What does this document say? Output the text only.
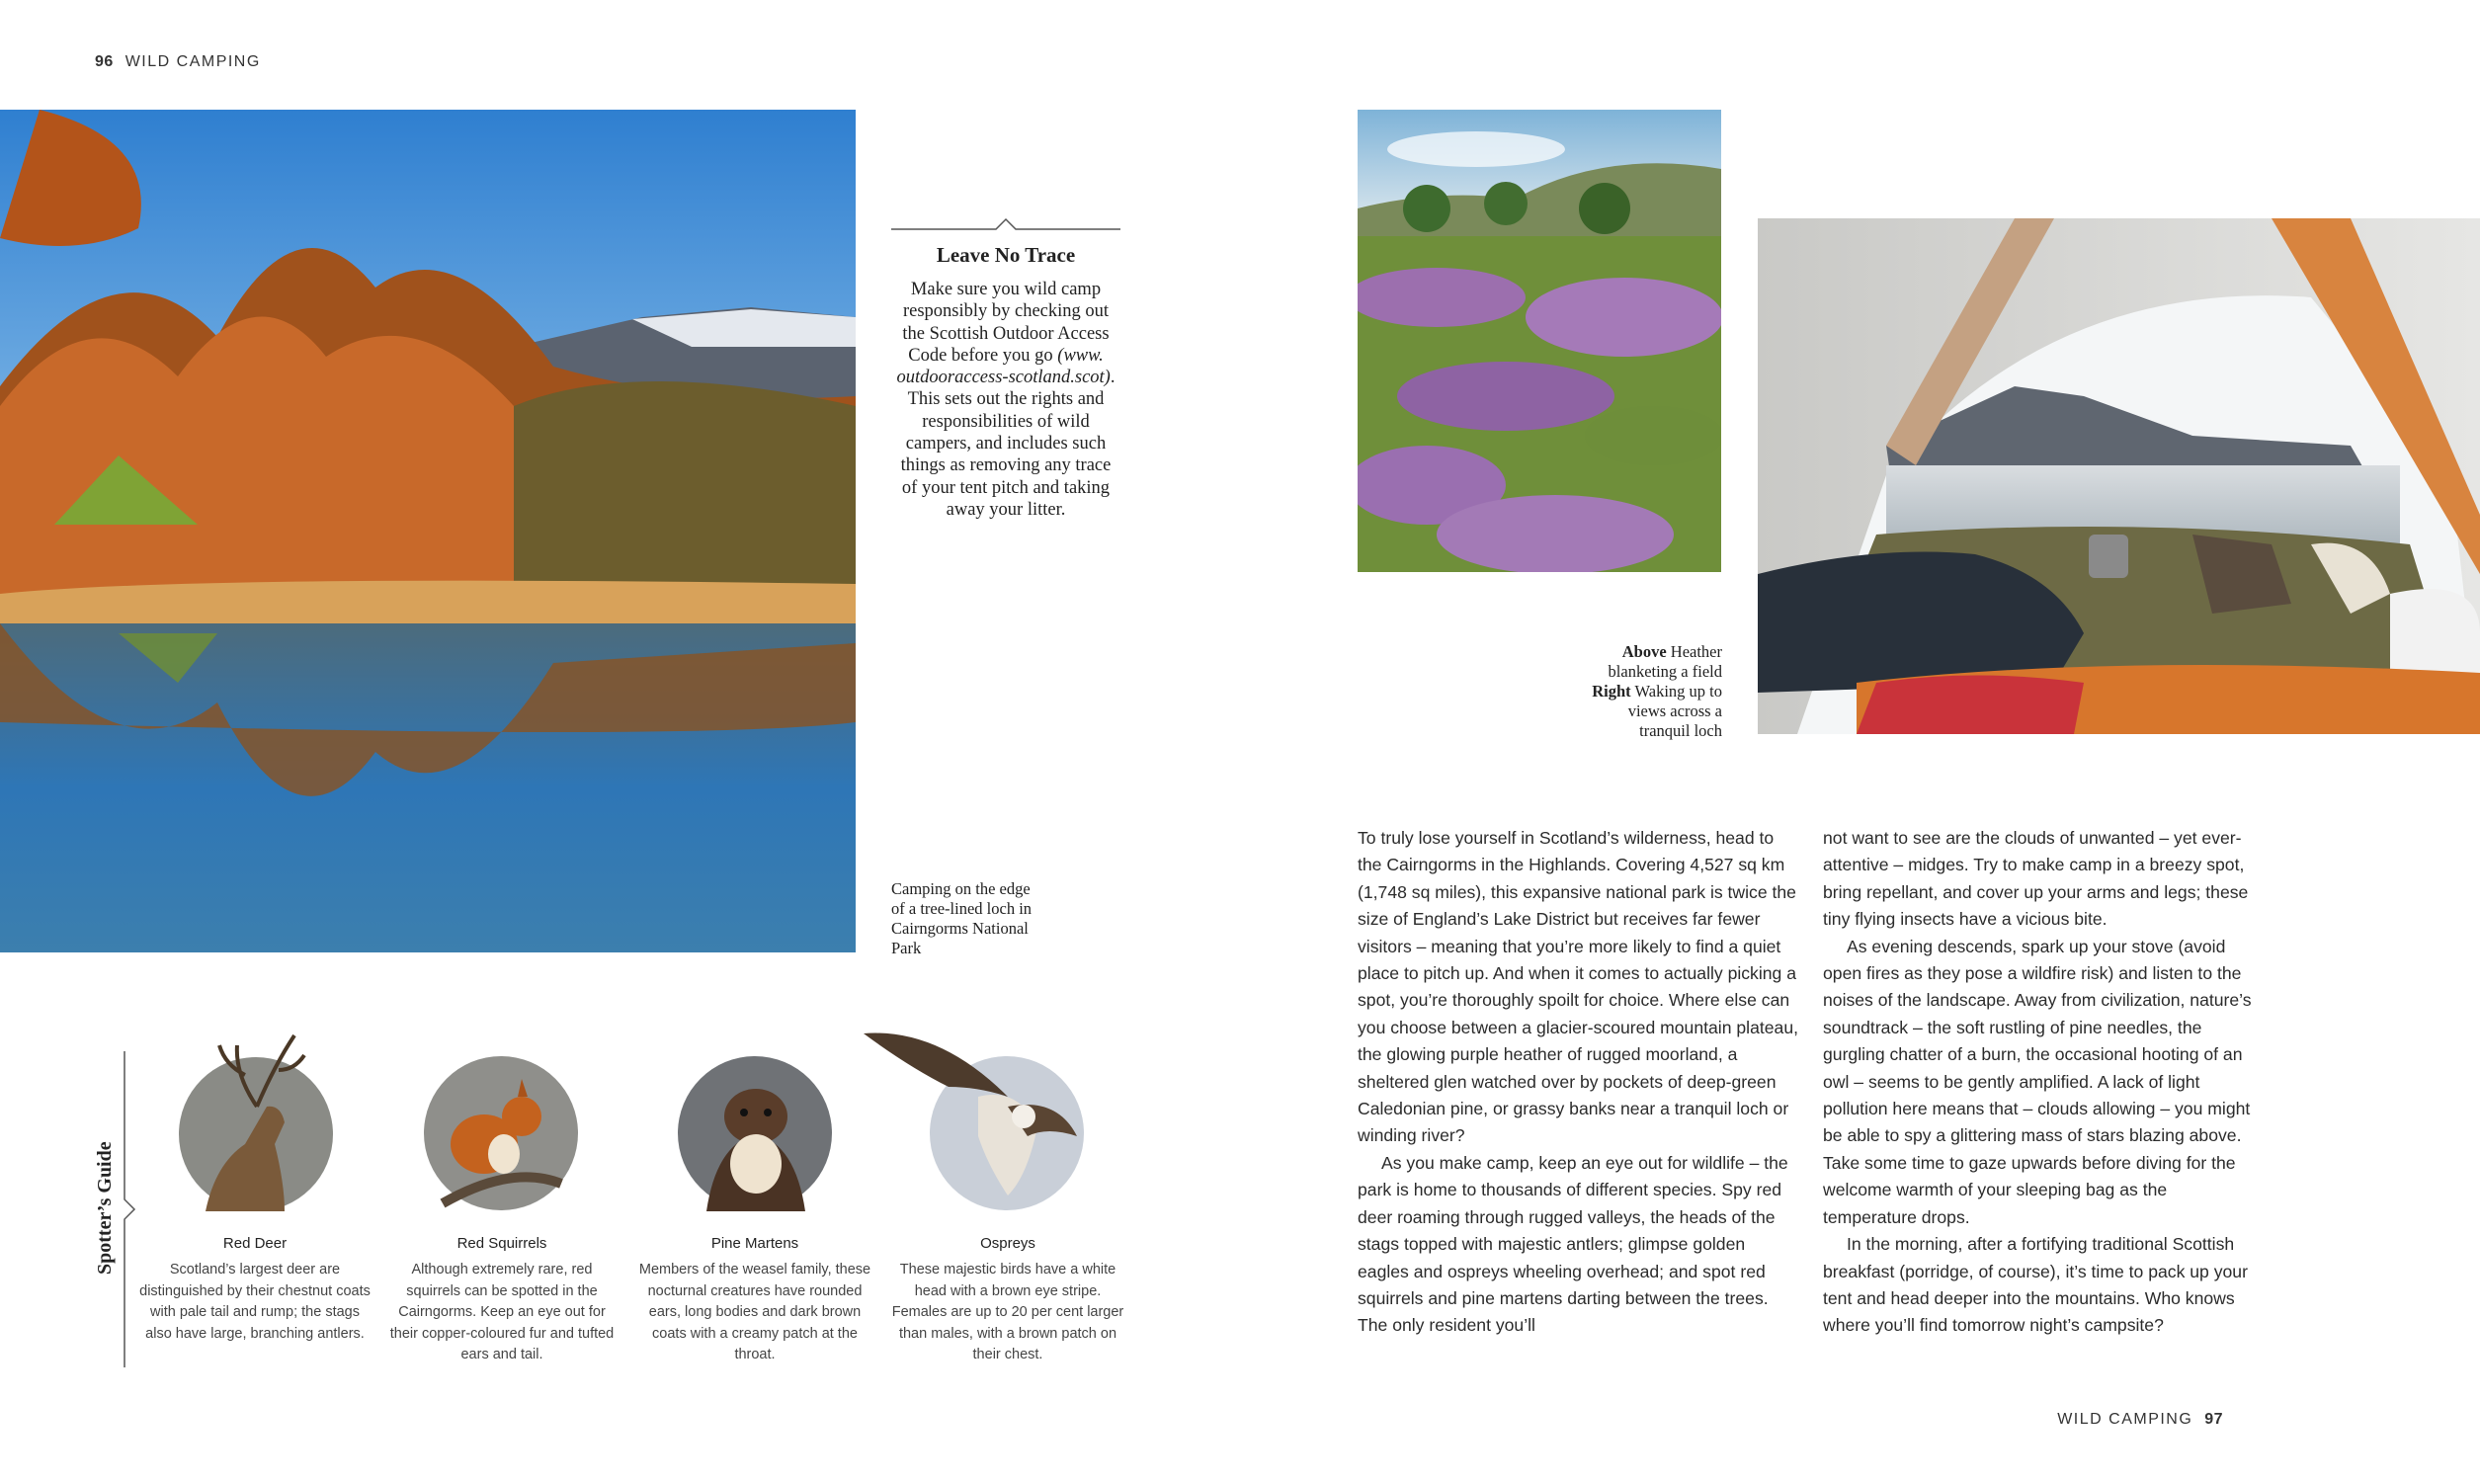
96 WILD CAMPING
WILD CAMPING 97
Leave No Trace
Make sure you wild camp responsibly by checking out the Scottish Outdoor Access Code before you go (www. outdooraccess-scotland.scot). This sets out the rights and responsibilities of wild campers, and includes such things as removing any trace of your tent pitch and taking away your litter.
Camping on the edge of a tree-lined loch in Cairngorms National Park
Above Heather blanketing a field Right Waking up to views across a tranquil loch

To truly lose yourself in Scotland’s wilderness, head to the Cairngorms in the Highlands. Covering 4,527 sq km (1,748 sq miles), this expansive national park is twice the size of England’s Lake District but receives far fewer visitors – meaning that you’re more likely to find a quiet place to pitch up. And when it comes to actually picking a spot, you’re thoroughly spoilt for choice. Where else can you choose between a glacier-scoured mountain plateau, the glowing purple heather of rugged moorland, a sheltered glen watched over by pockets of deep-green Caledonian pine, or grassy banks near a tranquil loch or winding river?

As you make camp, keep an eye out for wildlife – the park is home to thousands of different species. Spy red deer roaming through rugged valleys, the heads of the stags topped with majestic antlers; glimpse golden eagles and ospreys wheeling overhead; and spot red squirrels and pine martens darting between the trees. The only resident you’ll

not want to see are the clouds of unwanted – yet ever-attentive – midges. Try to make camp in a breezy spot, bring repellant, and cover up your arms and legs; these tiny flying insects have a vicious bite.

As evening descends, spark up your stove (avoid open fires as they pose a wildfire risk) and listen to the noises of the landscape. Away from civilization, nature’s soundtrack – the soft rustling of pine needles, the gurgling chatter of a burn, the occasional hooting of an owl – seems to be gently amplified. A lack of light pollution here means that – clouds allowing – you might be able to spy a glittering mass of stars blazing above. Take some time to gaze upwards before diving for the welcome warmth of your sleeping bag as the temperature drops.

In the morning, after a fortifying traditional Scottish breakfast (porridge, of course), it’s time to pack up your tent and head deeper into the mountains. Who knows where you’ll find tomorrow night’s campsite?

Spotter’s Guide	Red Deer
Scotland’s largest deer are distinguished by their chestnut coats with pale tail and rump; the stags also have large, branching antlers.
Red Squirrels
Although extremely rare, red squirrels can be spotted in the Cairngorms. Keep an eye out for their copper-coloured fur and tufted ears and tail.
Pine Martens
Members of the weasel family, these nocturnal creatures have rounded ears, long bodies and dark brown coats with a creamy patch at the throat.
Ospreys
These majestic birds have a white head with a brown eye stripe. Females are up to 20 per cent larger than males, with a brown patch on their chest.
